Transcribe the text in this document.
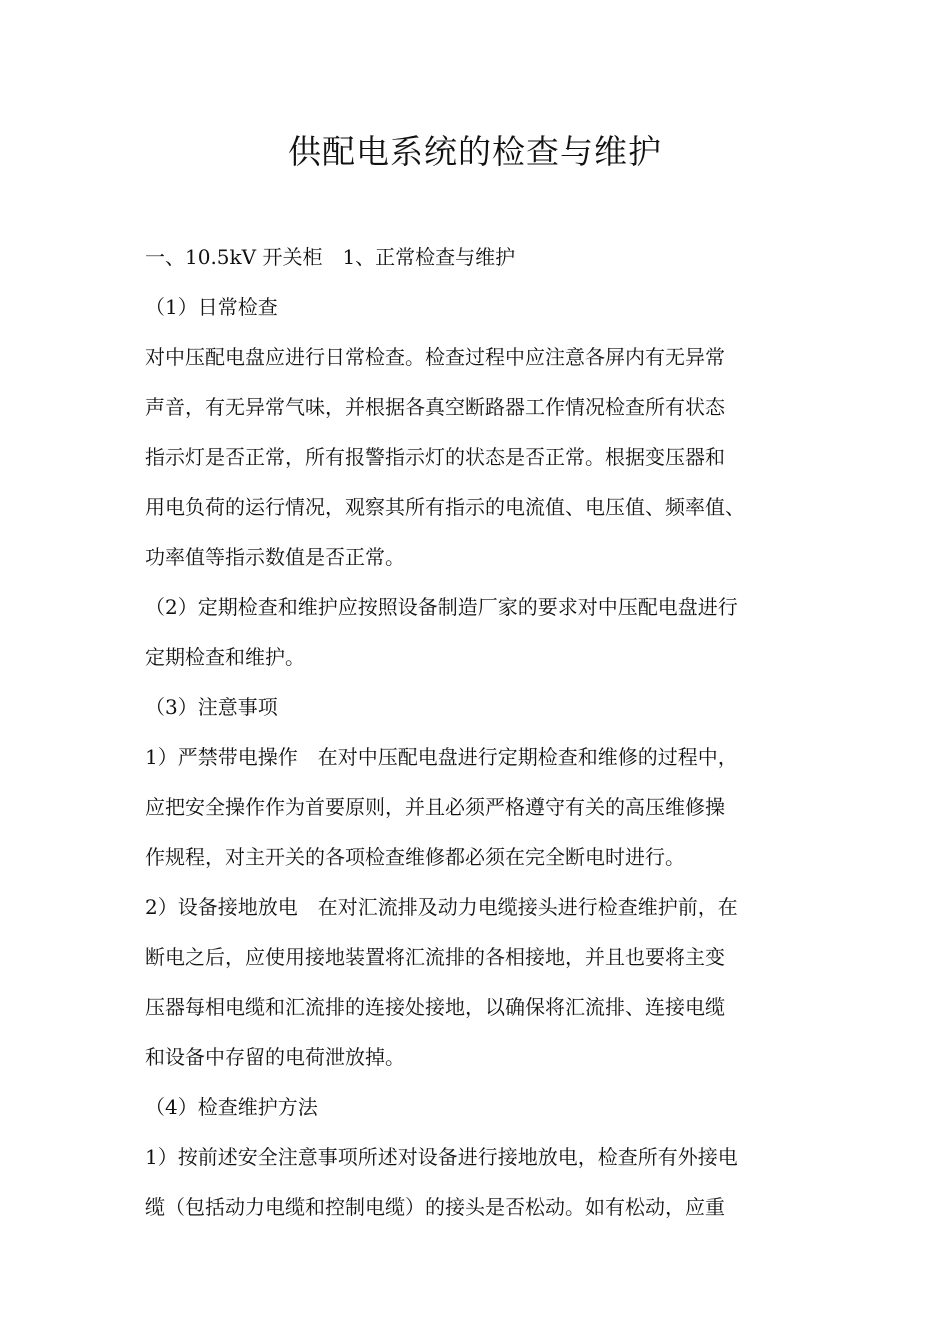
供配电系统的检查与维护
一、10.5kV 开关柜　1、正常检查与维护
（1）日常检查
对中压配电盘应进行日常检查。检查过程中应注意各屏内有无异常
声音，有无异常气味，并根据各真空断路器工作情况检查所有状态
指示灯是否正常，所有报警指示灯的状态是否正常。根据变压器和
用电负荷的运行情况，观察其所有指示的电流值、电压值、频率值、
功率值等指示数值是否正常。
（2）定期检查和维护应按照设备制造厂家的要求对中压配电盘进行
定期检查和维护。
（3）注意事项
1）严禁带电操作　在对中压配电盘进行定期检查和维修的过程中，
应把安全操作作为首要原则，并且必须严格遵守有关的高压维修操
作规程，对主开关的各项检查维修都必须在完全断电时进行。
2）设备接地放电　在对汇流排及动力电缆接头进行检查维护前，在
断电之后，应使用接地装置将汇流排的各相接地，并且也要将主变
压器每相电缆和汇流排的连接处接地，以确保将汇流排、连接电缆
和设备中存留的电荷泄放掉。
（4）检查维护方法
1）按前述安全注意事项所述对设备进行接地放电，检查所有外接电
缆（包括动力电缆和控制电缆）的接头是否松动。如有松动，应重
